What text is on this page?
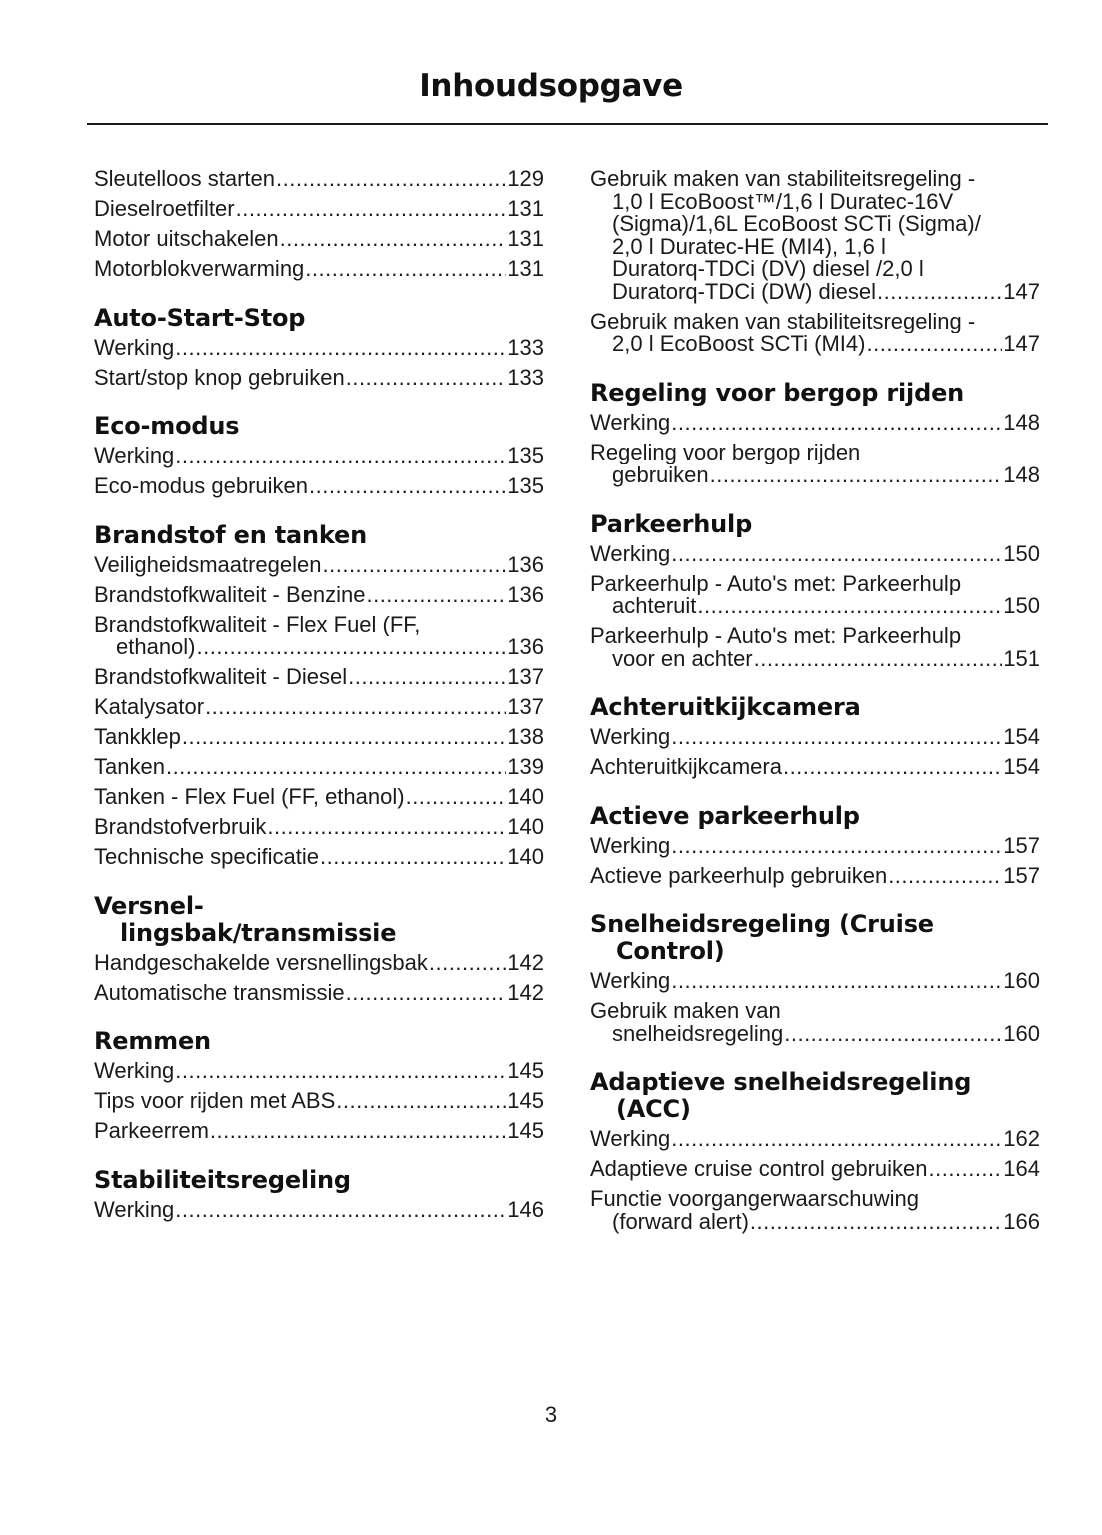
Inhoudsopgave
Sleutelloos starten .....	129
Dieselroetfilter .....	131
Motor uitschakelen .....	131
Motorblokverwarming .....	131
Auto-Start-Stop
Werking .....	133
Start/stop knop gebruiken .....	133
Eco-modus
Werking .....	135
Eco-modus gebruiken .....	135
Brandstof en tanken
Veiligheidsmaatregelen .....	136
Brandstofkwaliteit - Benzine .....	136
Brandstofkwaliteit - Flex Fuel (FF,
ethanol) .....	136
Brandstofkwaliteit - Diesel .....	137
Katalysator .....	137
Tankklep .....	138
Tanken .....	139
Tanken - Flex Fuel (FF, ethanol) .....	140
Brandstofverbruik .....	140
Technische specificatie .....	140
Versnel-
lingsbak/transmissie
Handgeschakelde versnellingsbak .....	142
Automatische transmissie .....	142
Remmen
Werking .....	145
Tips voor rijden met ABS .....	145
Parkeerrem .....	145
Stabiliteitsregeling
Werking .....	146
Gebruik maken van stabiliteitsregeling -
1,0 l EcoBoost™/1,6 l Duratec-16V
(Sigma)/1,6L EcoBoost SCTi (Sigma)/
2,0 l Duratec-HE (MI4), 1,6 l
Duratorq-TDCi (DV) diesel /2,0 l
Duratorq-TDCi (DW) diesel .....	147
Gebruik maken van stabiliteitsregeling -
2,0 l EcoBoost SCTi (MI4) .....	147
Regeling voor bergop rijden
Werking .....	148
Regeling voor bergop rijden
gebruiken .....	148
Parkeerhulp
Werking .....	150
Parkeerhulp - Auto's met: Parkeerhulp
achteruit .....	150
Parkeerhulp - Auto's met: Parkeerhulp
voor en achter .....	151
Achteruitkijkcamera
Werking .....	154
Achteruitkijkcamera .....	154
Actieve parkeerhulp
Werking .....	157
Actieve parkeerhulp gebruiken .....	157
Snelheidsregeling (Cruise
Control)
Werking .....	160
Gebruik maken van
snelheidsregeling .....	160
Adaptieve snelheidsregeling
(ACC)
Werking .....	162
Adaptieve cruise control gebruiken .....	164
Functie voorgangerwaarschuwing
(forward alert) .....	166
3
